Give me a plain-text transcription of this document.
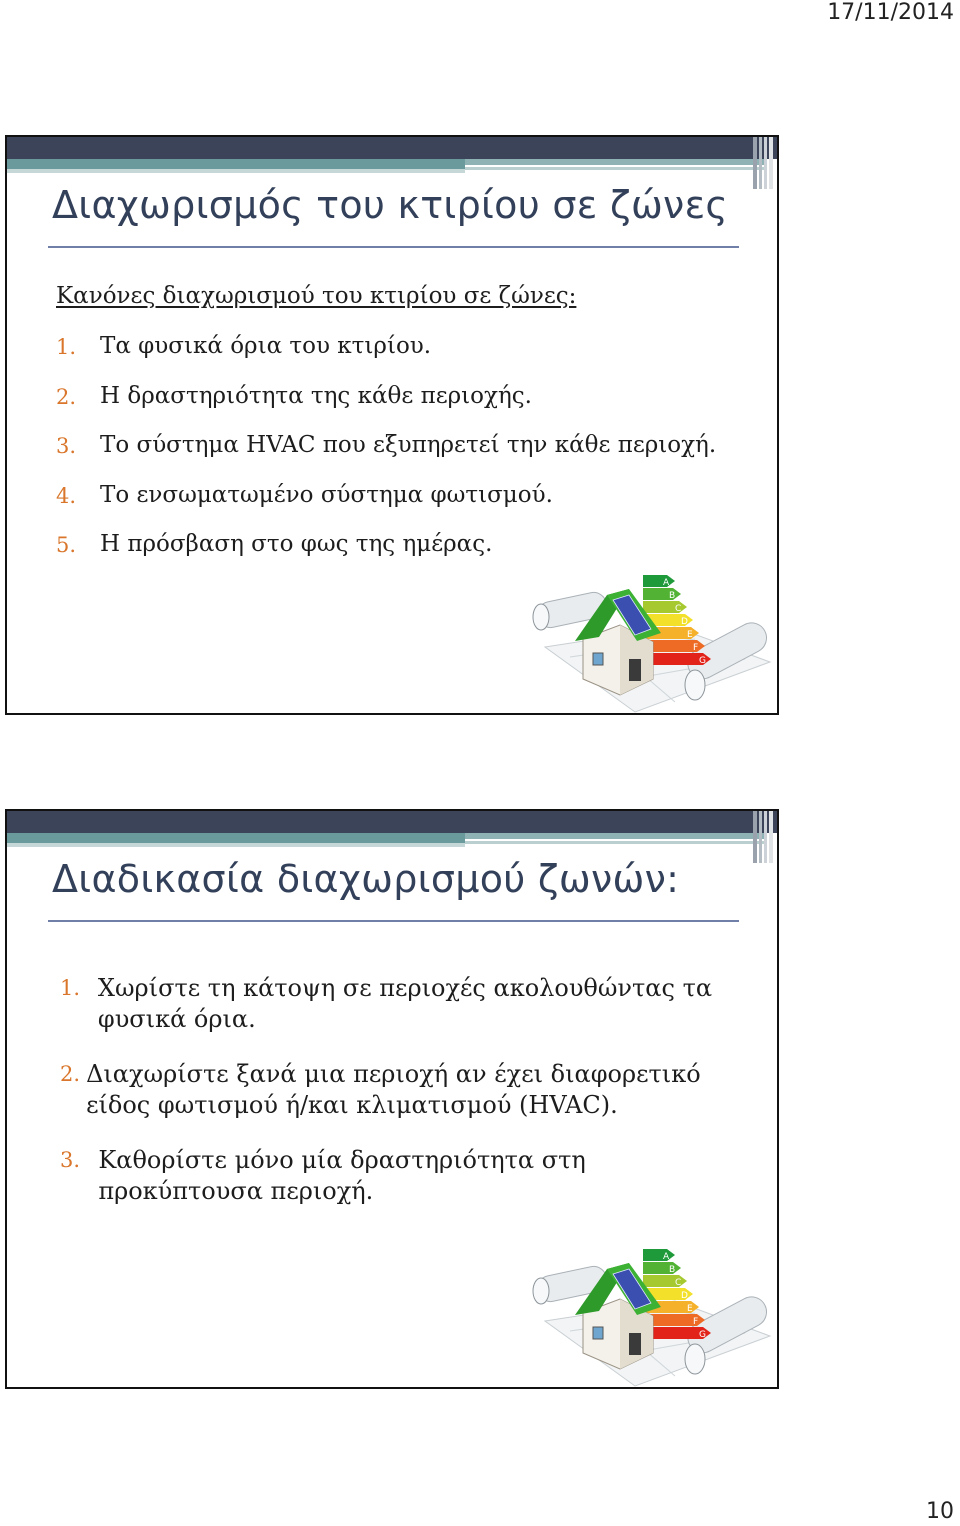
17/11/2014
Διαχωρισμός του κτιρίου σε ζώνες
Κανόνες διαχωρισμού του κτιρίου σε ζώνες:
1.	Τα φυσικά όρια του κτιρίου.
2.	Η δραστηριότητα της κάθε περιοχής.
3.	Το σύστημα HVAC που εξυπηρετεί την κάθε περιοχή.
4.	Το ενσωματωμένο σύστημα φωτισμού.
5.	Η πρόσβαση στο φως της ημέρας.
A
B
C
D
E
F
G
Διαδικασία διαχωρισμού ζωνών:
1. Χωρίστε τη κάτοψη σε περιοχές ακολουθώντας τα φυσικά όρια.
2. Διαχωρίστε ξανά μια περιοχή αν έχει διαφορετικό είδος φωτισμού ή/και κλιματισμού (HVAC).
3. Καθορίστε μόνο μία δραστηριότητα στη προκύπτουσα περιοχή.
A
B
C
D
E
F
G
10
